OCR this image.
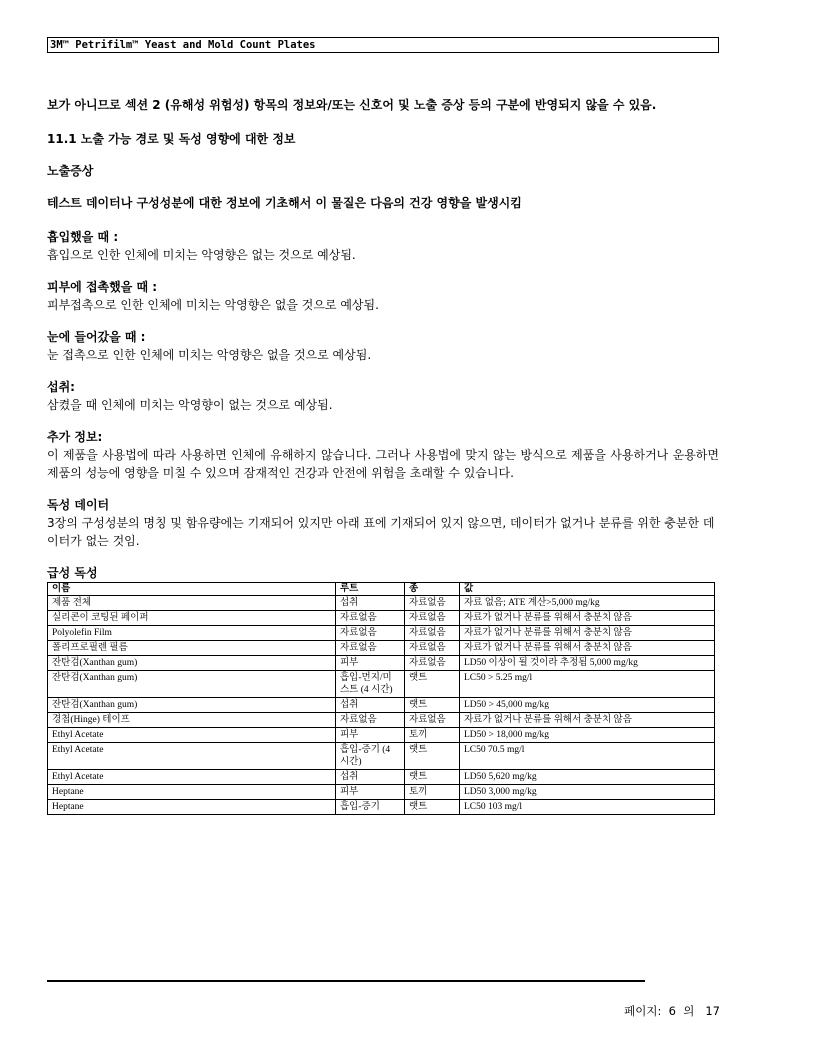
3M™ Petrifilm™ Yeast and Mold Count Plates

보가 아니므로 섹션 2 (유해성 위험성) 항목의 정보와/또는 신호어 및 노출 증상 등의 구분에 반영되지 않을 수 있음.

11.1 노출 가능 경로 및 독성 영향에 대한 정보

노출증상

테스트 데이터나 구성성분에 대한 정보에 기초해서 이 물질은 다음의 건강 영향을 발생시킴

흡입했을 때 :

흡입으로 인한 인체에 미치는 악영향은 없는 것으로 예상됨.

피부에 접촉했을 때 :

피부접촉으로 인한 인체에 미치는 악영향은 없을 것으로 예상됨.

눈에 들어갔을 때 :

눈 접촉으로 인한 인체에 미치는 악영향은 없을 것으로 예상됨.

섭취:

삼켰을 때 인체에 미치는 악영향이 없는 것으로 예상됨.

추가 정보:

이 제품을 사용법에 따라 사용하면 인체에 유해하지 않습니다. 그러나 사용법에 맞지 않는 방식으로 제품을 사용하거나 운용하면 제품의 성능에 영향을 미칠 수 있으며 잠재적인 건강과 안전에 위험을 초래할 수 있습니다.

독성 데이터

3장의 구성성분의 명칭 및 함유량에는 기재되어 있지만 아래 표에 기재되어 있지 않으면, 데이터가 없거나 분류를 위한 충분한 데이터가 없는 것임.

급성 독성

이름	루트	종	값
제품 전체	섭취	자료없음	자료 없음; ATE 계산>5,000 mg/kg
실리콘이 코팅된 페이퍼	자료없음	자료없음	자료가 없거나 분류를 위해서 충분치 않음
Polyolefin Film	자료없음	자료없음	자료가 없거나 분류를 위해서 충분치 않음
폴리프로필렌 필름	자료없음	자료없음	자료가 없거나 분류를 위해서 충분치 않음
잔탄검(Xanthan gum)	피부	자료없음	LD50 이상이 될 것이라 추정됨 5,000 mg/kg
잔탄검(Xanthan gum)	흡입-먼지/미스트 (4 시간)	랫트	LC50 > 5.25 mg/l
잔탄검(Xanthan gum)	섭취	랫트	LD50 > 45,000 mg/kg
경첩(Hinge) 테이프	자료없음	자료없음	자료가 없거나 분류를 위해서 충분치 않음
Ethyl Acetate	피부	토끼	LD50 > 18,000 mg/kg
Ethyl Acetate	흡입-증기 (4 시간)	랫트	LC50 70.5 mg/l
Ethyl Acetate	섭취	랫트	LD50 5,620 mg/kg
Heptane	피부	토끼	LD50 3,000 mg/kg
Heptane	흡입-증기	랫트	LC50 103 mg/l
페이지:  6  의   17
